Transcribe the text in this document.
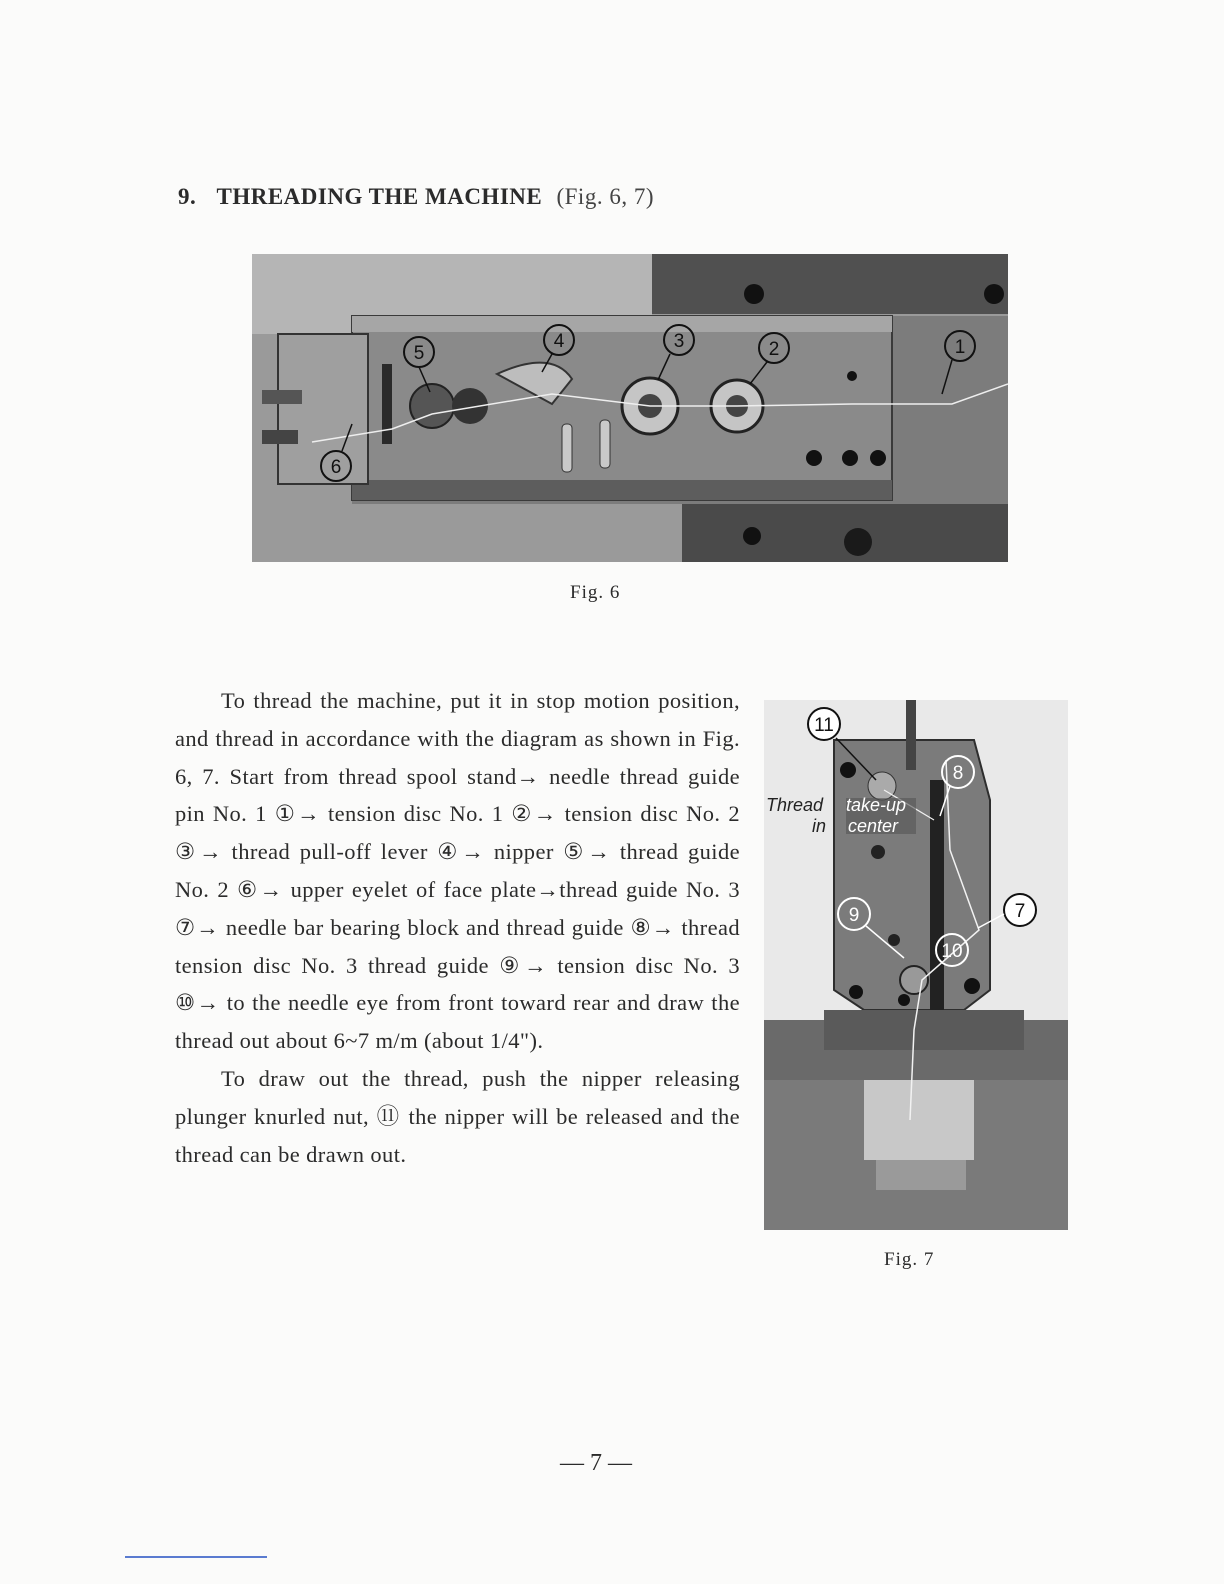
9. THREADING THE MACHINE (Fig. 6, 7)
5
4	3	2	1
6
Fig. 6

To thread the machine, put it in stop motion position, and thread in accordance with the diagram as shown in Fig. 6, 7. Start from thread spool stand→ needle thread guide pin No. 1 ①→ tension disc No. 1 ②→ tension disc No. 2 ③→ thread pull-off lever ④→ nipper ⑤→ thread guide No. 2 ⑥→ upper eyelet of face plate→thread guide No. 3 ⑦→ needle bar bearing block and thread guide ⑧→ thread tension disc No. 3 thread guide ⑨→ tension disc No. 3 ⑩→ to the needle eye from front toward rear and draw the thread out about 6~7 m/m (about 1/4").

To draw out the thread, push the nipper releasing plunger knurled nut, ⑪ the nipper will be released and the thread can be drawn out.

Thread
in
take-up
center
11
8
9
10
7
Fig. 7
— 7 —
